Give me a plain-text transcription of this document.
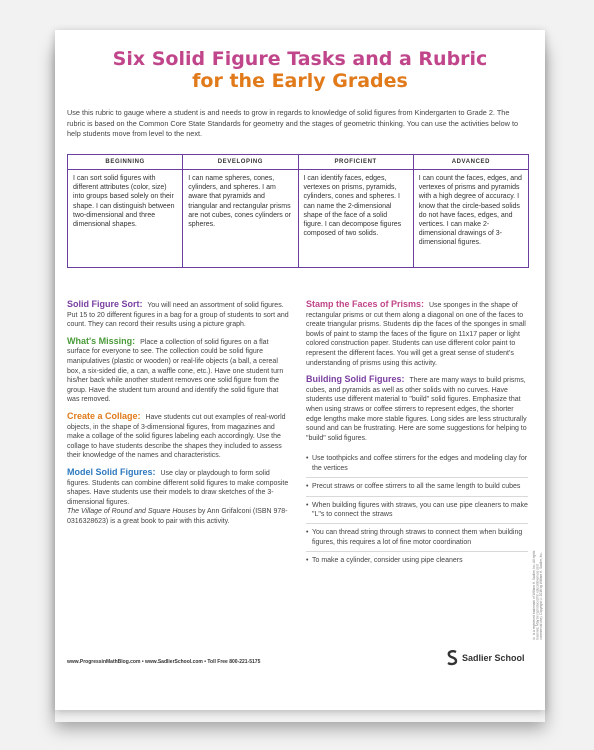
Six Solid Figure Tasks and a Rubric
for the Early Grades
Use this rubric to gauge where a student is and needs to grow in regards to knowledge of solid figures from Kindergarten to Grade 2. The rubric is based on the Common Core State Standards for geometry and the stages of geometric thinking. You can use the activities below to help students move from level to the next.
BEGINNING
I can sort solid figures with different attributes (color, size) into groups based solely on their shape. I can distinguish between two-dimensional and three dimensional shapes.
DEVELOPING
I can name spheres, cones, cylinders, and spheres. I am aware that pyramids and triangular and rectangular prisms are not cubes, cones cylinders or spheres.
PROFICIENT
I can identify faces, edges, vertexes on prisms, pyramids, cylinders, cones and spheres. I can name the 2-dimensional shape of the face of a solid figure. I can decompose figures composed of two solids.
ADVANCED
I can count the faces, edges, and vertexes of prisms and pyramids with a high degree of accuracy. I know that the circle-based solids do not have faces, edges, and vertices. I can make 2-dimensional drawings of 3-dimensional figures.
Solid Figure Sort: You will need an assortment of solid figures. Put 15 to 20 different figures in a bag for a group of students to sort and count. They can record their results using a picture graph.
What's Missing: Place a collection of solid figures on a flat surface for everyone to see. The collection could be solid figure manipulatives (plastic or wooden) or real-life objects (a ball, a cereal box, a six-sided die, a can, a waffle cone, etc.). Have one student turn his/her back while another student removes one solid figure from the group. Have the student turn around and identify the solid figure that was removed.
Create a Collage: Have students cut out examples of real-world objects, in the shape of 3-dimensional figures, from magazines and make a collage of the solid figures labeling each accordingly. Use the collage to have students describe the shapes they included to assess their knowledge of the names and characteristics.
Model Solid Figures: Use clay or playdough to form solid figures. Students can combine different solid figures to make composite shapes. Have students use their models to draw sketches of the 3-dimensional figures.
The Village of Round and Square Houses by Ann Grifalconi (ISBN 978-0316328623) is a great book to pair with this activity.
Stamp the Faces of Prisms: Use sponges in the shape of rectangular prisms or cut them along a diagonal on one of the faces to create triangular prisms. Students dip the faces of the sponges in small bowls of paint to stamp the faces of the figure on 11x17 paper or light colored construction paper. Students can use different color paint to represent the different faces. You will get a great sense of student's understanding of prisms using this activity.
Building Solid Figures: There are many ways to build prisms, cubes, and pyramids as well as other solids with no curves. Have students use different material to "build" solid figures. Emphasize that when using straws or coffee stirrers to represent edges, the shorter edge lengths make more stable figures. Long sides are less structurally sound and can be frustrating. Here are some suggestions for helping to "build" solid figures.
• Use toothpicks and coffee stirrers for the edges and modeling clay for the vertices
• Precut straws or coffee stirrers to all the same length to build cubes
• When building figures with straws, you can use pipe cleaners to make "L"s to connect the straws
• You can thread string through straws to connect them when building figures, this requires a lot of fine motor coordination
• To make a cylinder, consider using pipe cleaners	® is a registered trademark of William H. Sadlier, Inc. All rights reserved. May be reproduced for educational use (not commercial use). Copyright ©2016 by William H. Sadlier, Inc.
www.ProgressinMathBlog.com • www.SadlierSchool.com • Toll Free 800-221-5175	Sadlier School
